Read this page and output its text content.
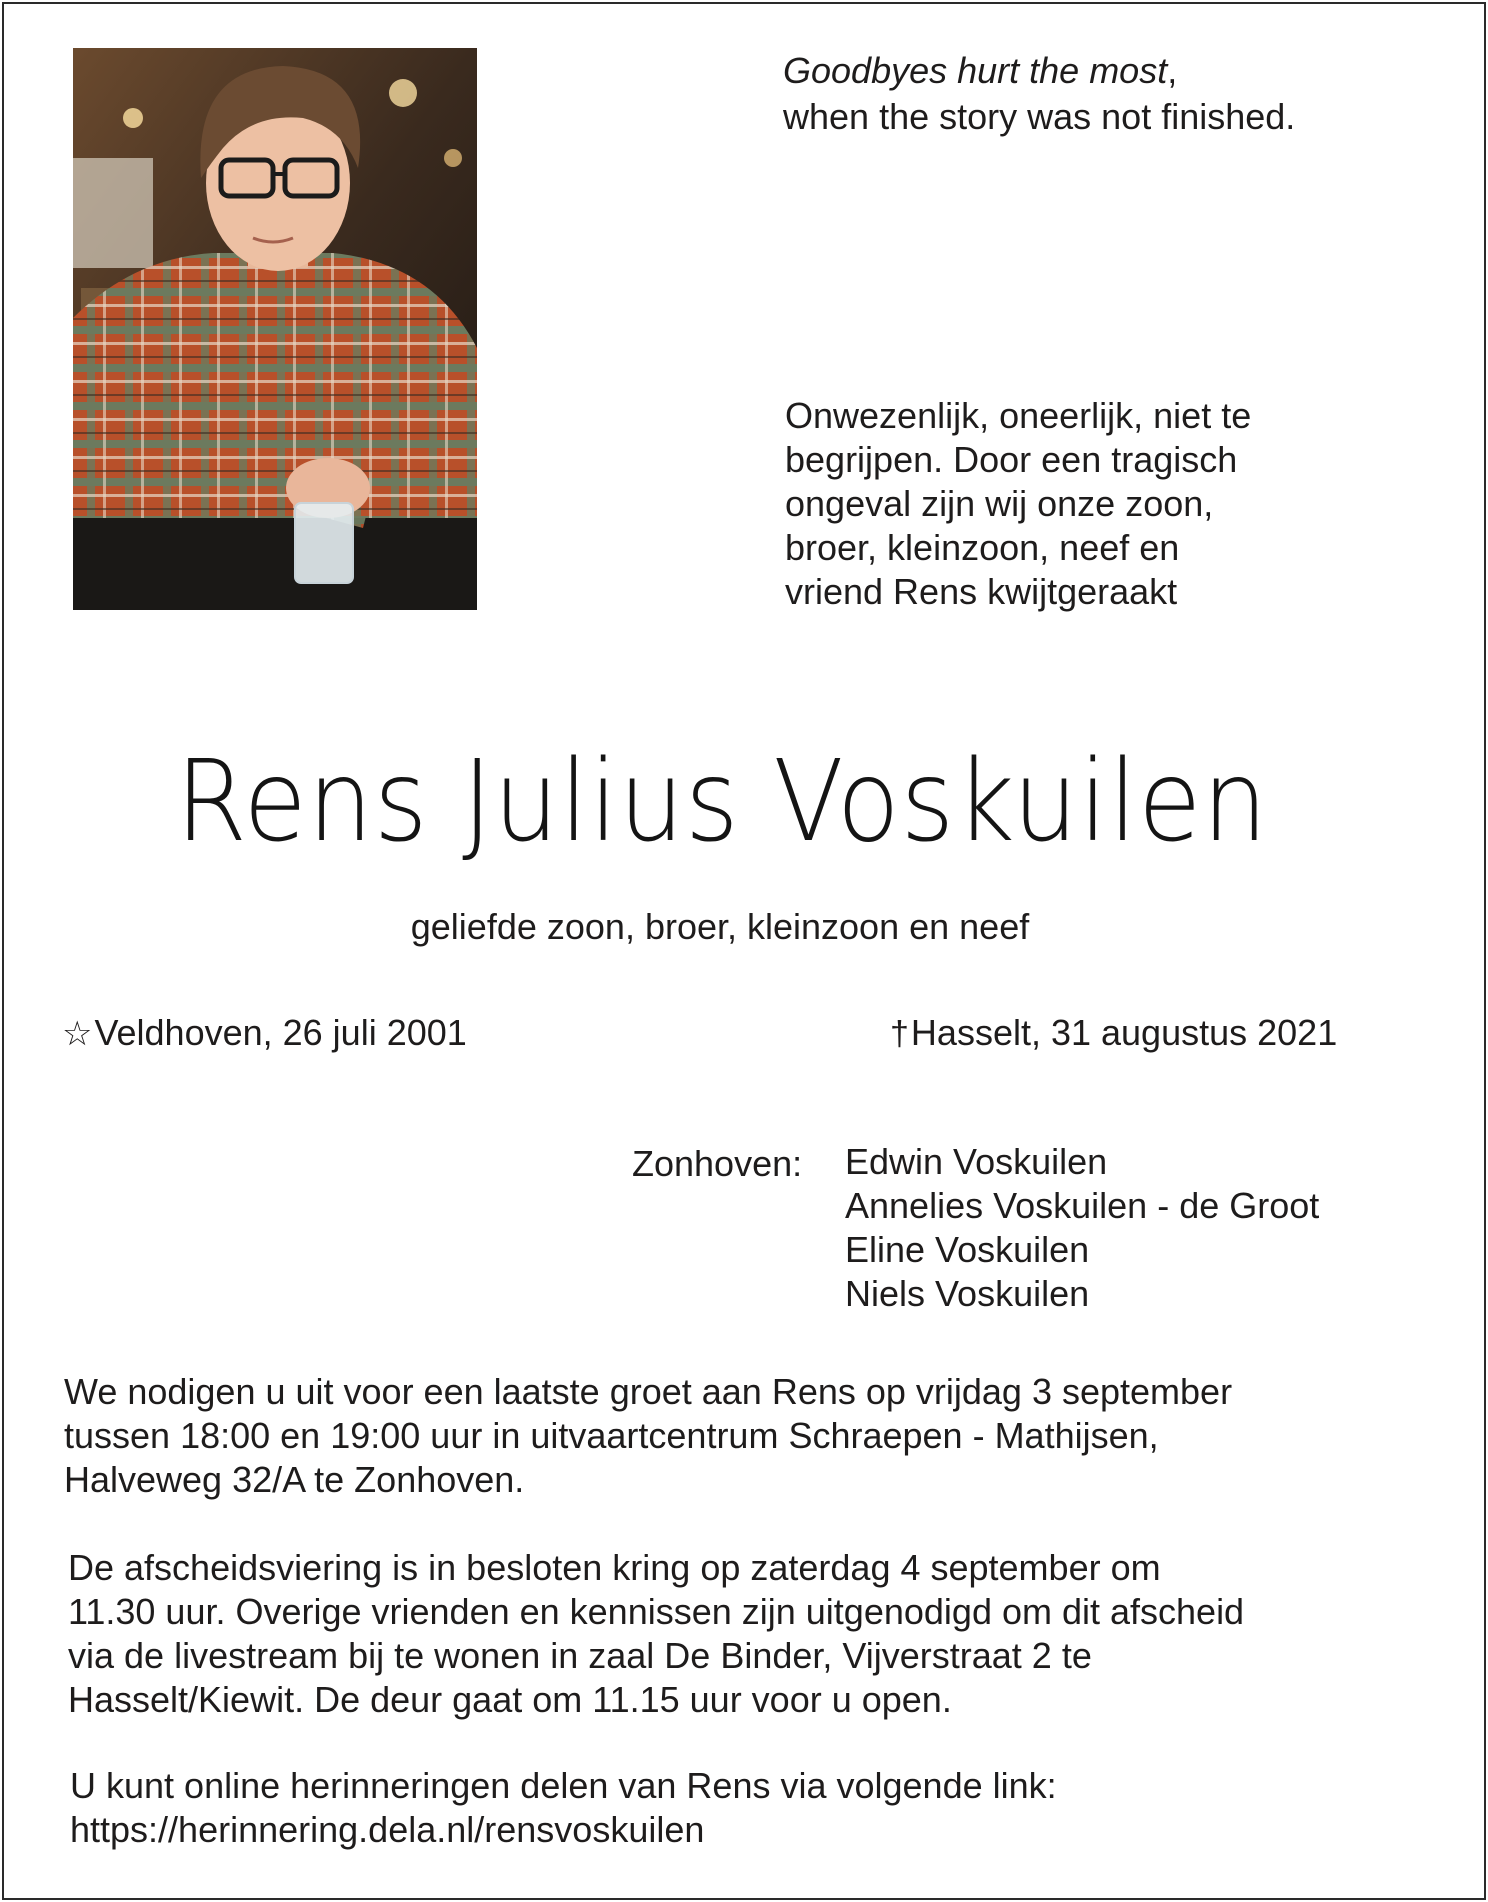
Goodbyes hurt the most,
when the story was not finished.
Onwezenlijk, oneerlijk, niet te
begrijpen. Door een tragisch
ongeval zijn wij onze zoon,
broer, kleinzoon, neef en
vriend Rens kwijtgeraakt
Rens Julius Voskuilen
geliefde zoon, broer, kleinzoon en neef
☆Veldhoven, 26 juli 2001	†Hasselt, 31 augustus 2021
Zonhoven: Edwin Voskuilen
Annelies Voskuilen - de Groot
Eline Voskuilen
Niels Voskuilen
We nodigen u uit voor een laatste groet aan Rens op vrijdag 3 september
tussen 18:00 en 19:00 uur in uitvaartcentrum Schraepen - Mathijsen,
Halveweg 32/A te Zonhoven.
De afscheidsviering is in besloten kring op zaterdag 4 september om
11.30 uur. Overige vrienden en kennissen zijn uitgenodigd om dit afscheid
via de livestream bij te wonen in zaal De Binder, Vijverstraat 2 te
Hasselt/Kiewit. De deur gaat om 11.15 uur voor u open.
U kunt online herinneringen delen van Rens via volgende link:
https://herinnering.dela.nl/rensvoskuilen
